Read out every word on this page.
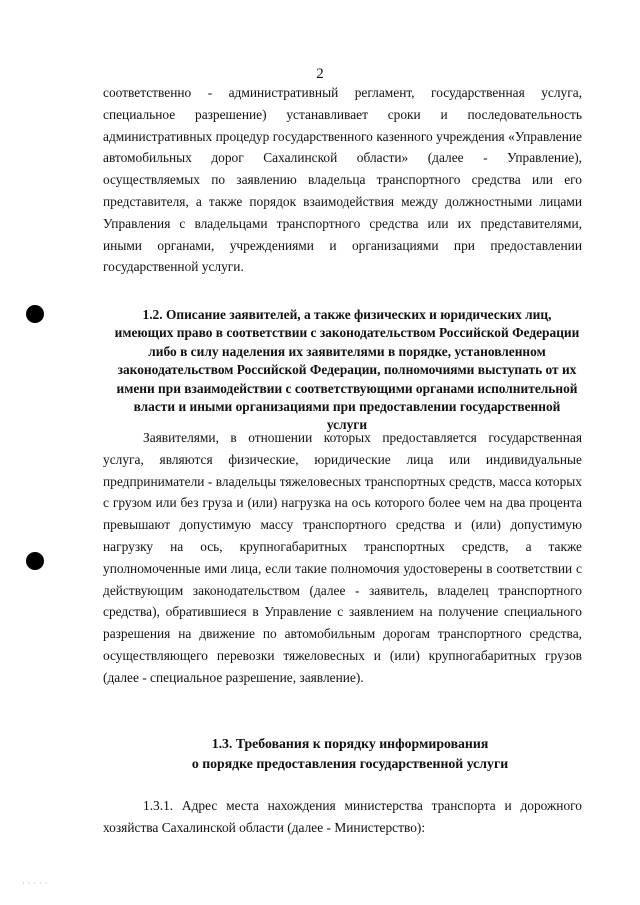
2

соответственно - административный регламент, государственная услуга, специальное разрешение) устанавливает сроки и последовательность административных процедур государственного казенного учреждения «Управление автомобильных дорог Сахалинской области» (далее - Управление), осуществляемых по заявлению владельца транспортного средства или его представителя, а также порядок взаимодействия между должностными лицами Управления с владельцами транспортного средства или их представителями, иными органами, учреждениями и организациями при предоставлении государственной услуги.

1.2. Описание заявителей, а также физических и юридических лиц, имеющих право в соответствии с законодательством Российской Федерации либо в силу наделения их заявителями в порядке, установленном законодательством Российской Федерации, полномочиями выступать от их имени при взаимодействии с соответствующими органами исполнительной власти и иными организациями при предоставлении государственной услуги

Заявителями, в отношении которых предоставляется государственная услуга, являются физические, юридические лица или индивидуальные предприниматели - владельцы тяжеловесных транспортных средств, масса которых с грузом или без груза и (или) нагрузка на ось которого более чем на два процента превышают допустимую массу транспортного средства и (или) допустимую нагрузку на ось, крупногабаритных транспортных средств, а также уполномоченные ими лица, если такие полномочия удостоверены в соответствии с действующим законодательством (далее - заявитель, владелец транспортного средства), обратившиеся в Управление с заявлением на получение специального разрешения на движение по автомобильным дорогам транспортного средства, осуществляющего перевозки тяжеловесных и (или) крупногабаритных грузов (далее - специальное разрешение, заявление).

1.3. Требования к порядку информирования
о порядке предоставления государственной услуги

1.3.1. Адрес места нахождения министерства транспорта и дорожного хозяйства Сахалинской области (далее - Министерство):

·····
